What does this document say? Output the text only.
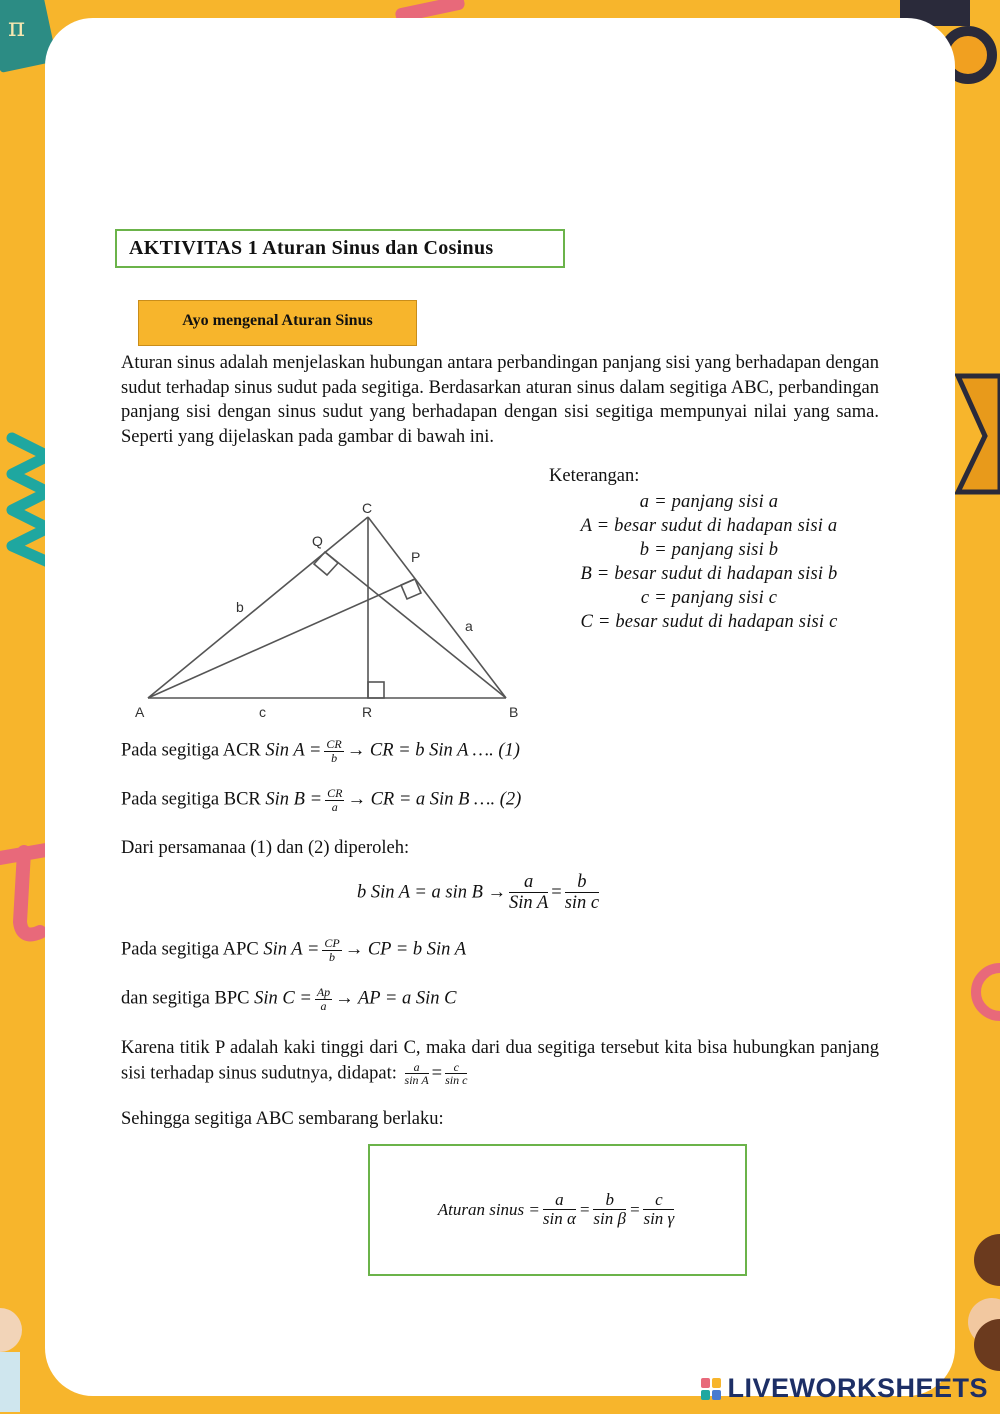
π
AKTIVITAS 1 Aturan Sinus dan Cosinus
Ayo mengenal Aturan Sinus
Aturan sinus adalah menjelaskan hubungan antara perbandingan panjang sisi yang berhadapan dengan sudut terhadap sinus sudut pada segitiga. Berdasarkan aturan sinus dalam segitiga ABC, perbandingan panjang sisi dengan sinus sudut yang berhadapan dengan sisi segitiga mempunyai nilai yang sama. Seperti yang dijelaskan pada gambar di bawah ini.
A	B
C
P
Q
R
a
b
c
Keterangan:
a = panjang sisi a
A = besar sudut di hadapan sisi a
b = panjang sisi b
B = besar sudut di hadapan sisi b
c = panjang sisi c
C = besar sudut di hadapan sisi c
Pada segitiga ACR Sin $A = \frac{CR}{b}$ → CR = b Sin A …. (1)
Pada segitiga BCR Sin $B = \frac{CR}{a}$ → CR = a Sin B …. (2)
Dari persamanaa (1) dan (2) diperoleh:
b Sin A = a $\sin B \to \frac{a}{\text{Sin A}} = \frac{b}{\text{sin c}}$
Pada segitiga APC Sin $A = \frac{CP}{b}$ → CP = b Sin A
dan segitiga BPC Sin $C = \frac{Ap}{a}$ → AP = a Sin C
Karena titik P adalah kaki tinggi dari C, maka dari dua segitiga tersebut kita bisa hubungkan panjang sisi terhadap sinus sudutnya, didapat: $\frac{a}{\text{sin A}} = \frac{c}{\text{sin c}}$
Sehingga segitiga ABC sembarang berlaku:
Aturan sinus = $\frac{a}{\text{sin α}} = \frac{b}{\text{sin β}} = \frac{c}{\text{sin γ}}$
LIVEWORKSHEETS
